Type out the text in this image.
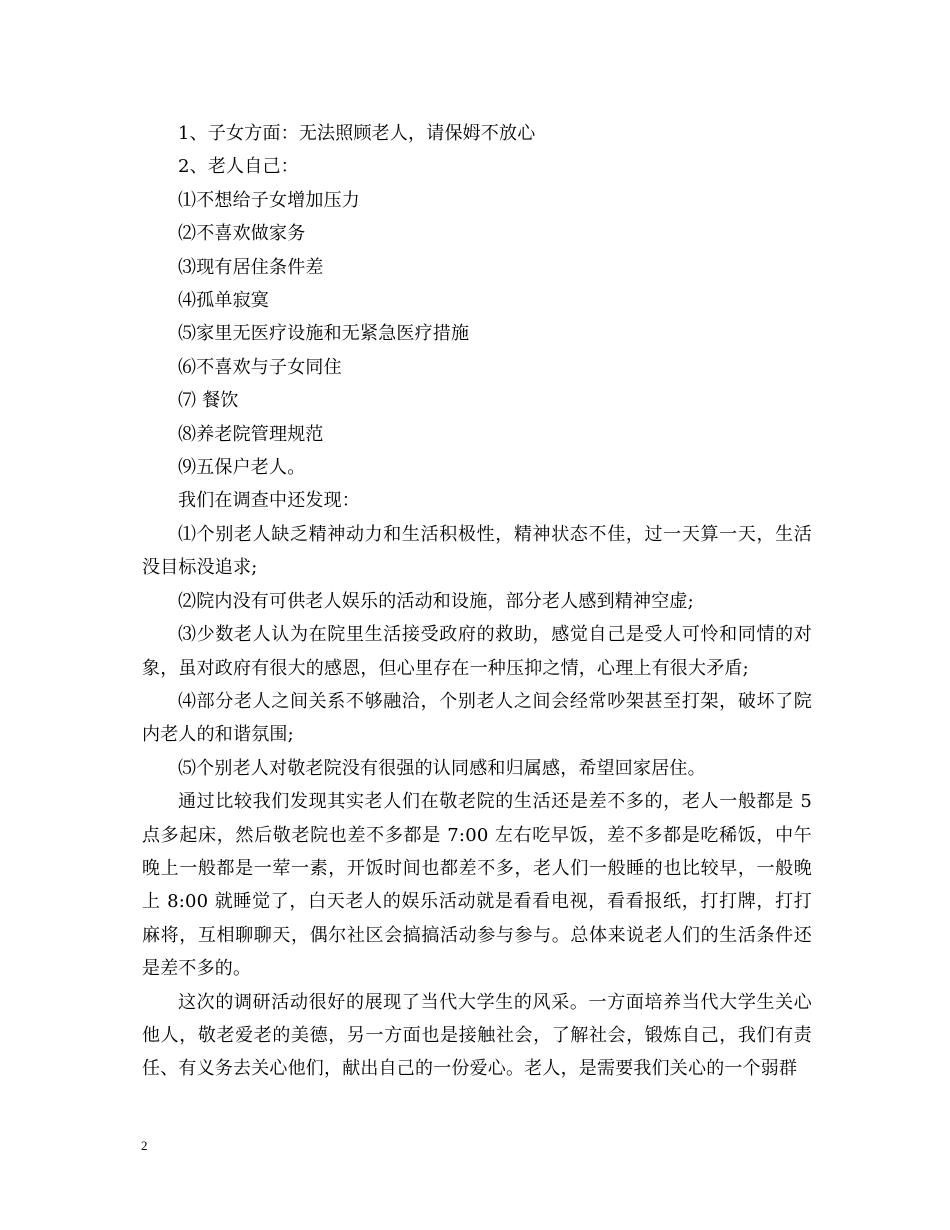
1、子女方面：无法照顾老人，请保姆不放心

2、老人自己：

⑴不想给子女增加压力

⑵不喜欢做家务

⑶现有居住条件差

⑷孤单寂寞

⑸家里无医疗设施和无紧急医疗措施

⑹不喜欢与子女同住

⑺ 餐饮

⑻养老院管理规范

⑼五保户老人。

我们在调查中还发现：

⑴个别老人缺乏精神动力和生活积极性，精神状态不佳，过一天算一天，生活没目标没追求;

⑵院内没有可供老人娱乐的活动和设施，部分老人感到精神空虚;

⑶少数老人认为在院里生活接受政府的救助，感觉自己是受人可怜和同情的对象，虽对政府有很大的感恩，但心里存在一种压抑之情，心理上有很大矛盾;

⑷部分老人之间关系不够融洽，个别老人之间会经常吵架甚至打架，破坏了院内老人的和谐氛围;

⑸个别老人对敬老院没有很强的认同感和归属感，希望回家居住。

通过比较我们发现其实老人们在敬老院的生活还是差不多的，老人一般都是 5 点多起床，然后敬老院也差不多都是 7:00 左右吃早饭，差不多都是吃稀饭，中午晚上一般都是一荤一素，开饭时间也都差不多，老人们一般睡的也比较早，一般晚上 8:00 就睡觉了，白天老人的娱乐活动就是看看电视，看看报纸，打打牌，打打麻将，互相聊聊天，偶尔社区会搞搞活动参与参与。总体来说老人们的生活条件还是差不多的。

这次的调研活动很好的展现了当代大学生的风采。一方面培养当代大学生关心他人，敬老爱老的美德，另一方面也是接触社会，了解社会，锻炼自己，我们有责任、有义务去关心他们，献出自己的一份爱心。老人，是需要我们关心的一个弱群

2
